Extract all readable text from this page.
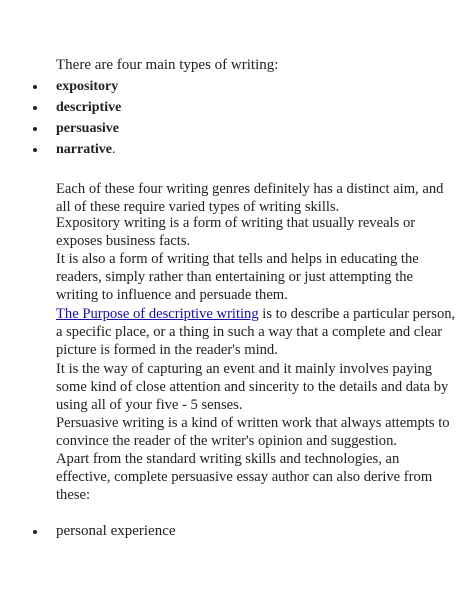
There are four main types of writing:
expository
descriptive
persuasive
narrative.

Each of these four writing genres definitely has a distinct aim, and all of these require varied types of writing skills.

Expository writing is a form of writing that usually reveals or exposes business facts.

It is also a form of writing that tells and helps in educating the readers, simply rather than entertaining or just attempting the writing to influence and persuade them.

The Purpose of descriptive writing is to describe a particular person, a specific place, or a thing in such a way that a complete and clear picture is formed in the reader's mind.

It is the way of capturing an event and it mainly involves paying some kind of close attention and sincerity to the details and data by using all of your five - 5 senses.

Persuasive writing is a kind of written work that always attempts to convince the reader of the writer's opinion and suggestion.

Apart from the standard writing skills and technologies, an effective, complete persuasive essay author can also derive from these:

personal experience
